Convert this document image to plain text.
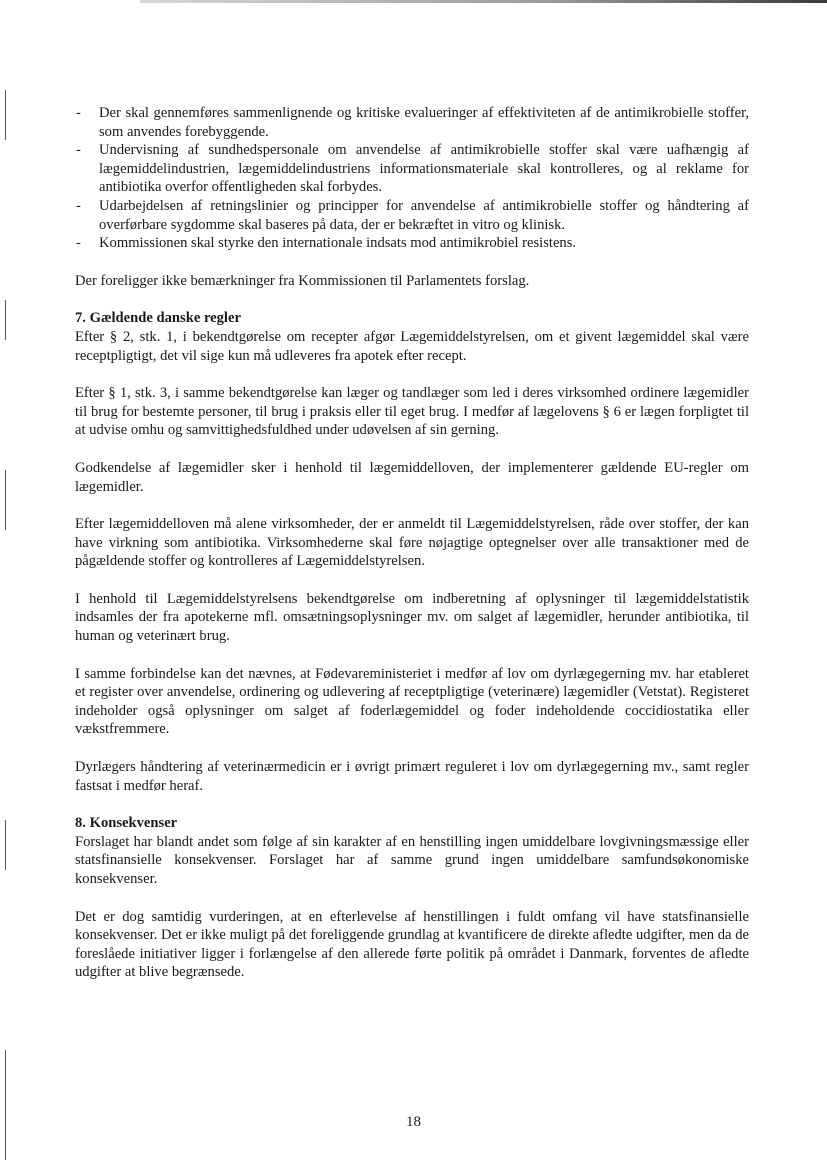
- Der skal gennemføres sammenlignende og kritiske evalueringer af effektiviteten af de antimikrobielle stoffer, som anvendes forebyggende.
- Undervisning af sundhedspersonale om anvendelse af antimikrobielle stoffer skal være uafhængig af lægemiddelindustrien, lægemiddelindustriens informationsmateriale skal kontrolleres, og al reklame for antibiotika overfor offentligheden skal forbydes.
- Udarbejdelsen af retningslinier og principper for anvendelse af antimikrobielle stoffer og håndtering af overførbare sygdomme skal baseres på data, der er bekræftet in vitro og klinisk.
- Kommissionen skal styrke den internationale indsats mod antimikrobiel resistens.

Der foreligger ikke bemærkninger fra Kommissionen til Parlamentets forslag.

7. Gældende danske regler

Efter § 2, stk. 1, i bekendtgørelse om recepter afgør Lægemiddelstyrelsen, om et givent lægemiddel skal være receptpligtigt, det vil sige kun må udleveres fra apotek efter recept.

Efter § 1, stk. 3, i samme bekendtgørelse kan læger og tandlæger som led i deres virksomhed ordinere lægemidler til brug for bestemte personer, til brug i praksis eller til eget brug. I medfør af lægelovens § 6 er lægen forpligtet til at udvise omhu og samvittighedsfuldhed under udøvelsen af sin gerning.

Godkendelse af lægemidler sker i henhold til lægemiddelloven, der implementerer gældende EU-regler om lægemidler.

Efter lægemiddelloven må alene virksomheder, der er anmeldt til Lægemiddelstyrelsen, råde over stoffer, der kan have virkning som antibiotika. Virksomhederne skal føre nøjagtige optegnelser over alle transaktioner med de pågældende stoffer og kontrolleres af Lægemiddelstyrelsen.

I henhold til Lægemiddelstyrelsens bekendtgørelse om indberetning af oplysninger til lægemiddelstatistik indsamles der fra apotekerne mfl. omsætningsoplysninger mv. om salget af lægemidler, herunder antibiotika, til human og veterinært brug.

I samme forbindelse kan det nævnes, at Fødevareministeriet i medfør af lov om dyrlægegerning mv. har etableret et register over anvendelse, ordinering og udlevering af receptpligtige (veterinære) lægemidler (Vetstat). Registeret indeholder også oplysninger om salget af foderlægemiddel og foder indeholdende coccidiostatika eller vækstfremmere.

Dyrlægers håndtering af veterinærmedicin er i øvrigt primært reguleret i lov om dyrlægegerning mv., samt regler fastsat i medfør heraf.

8. Konsekvenser

Forslaget har blandt andet som følge af sin karakter af en henstilling ingen umiddelbare lovgivningsmæssige eller statsfinansielle konsekvenser. Forslaget har af samme grund ingen umiddelbare samfundsøkonomiske konsekvenser.

Det er dog samtidig vurderingen, at en efterlevelse af henstillingen i fuldt omfang vil have statsfinansielle konsekvenser. Det er ikke muligt på det foreliggende grundlag at kvantificere de direkte afledte udgifter, men da de foreslåede initiativer ligger i forlængelse af den allerede førte politik på området i Danmark, forventes de afledte udgifter at blive begrænsede.

18
